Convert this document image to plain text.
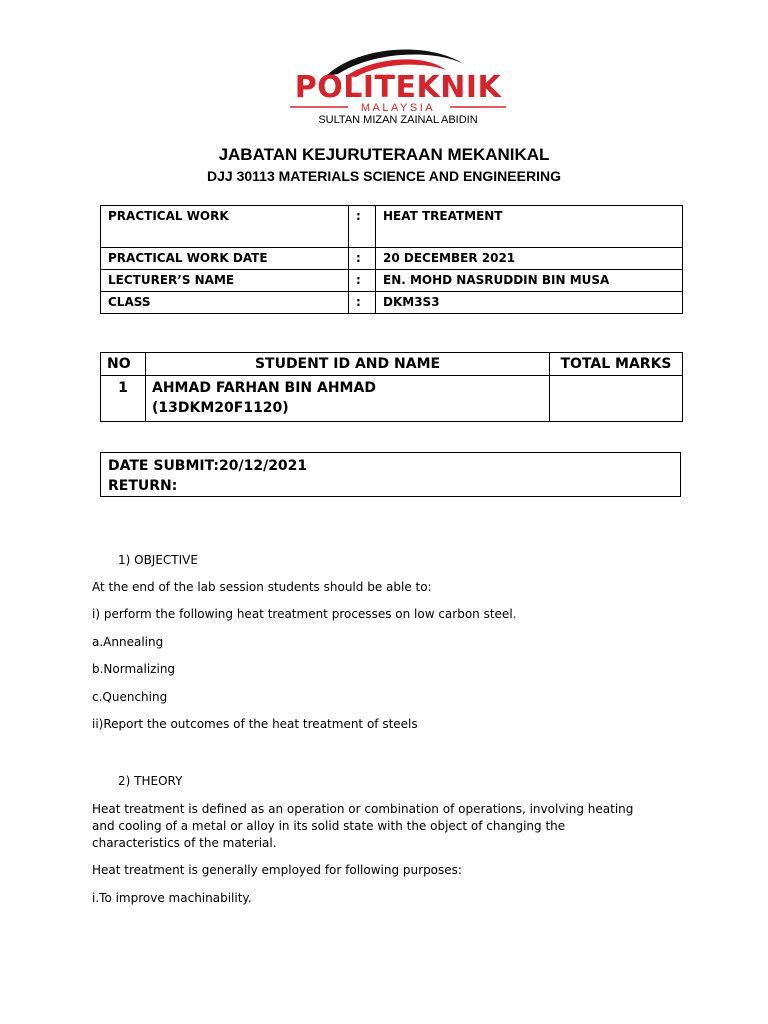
POLITEKNIK
MALAYSIA
SULTAN MIZAN ZAINAL ABIDIN
JABATAN KEJURUTERAAN MEKANIKAL
DJJ 30113 MATERIALS SCIENCE AND ENGINEERING
PRACTICAL WORK	:	HEAT TREATMENT
PRACTICAL WORK DATE	:	20 DECEMBER 2021
LECTURER’S NAME	:	EN. MOHD NASRUDDIN BIN MUSA
CLASS	:	DKM3S3
NO	STUDENT ID AND NAME	TOTAL MARKS
1	AHMAD FARHAN BIN AHMAD
(13DKM20F1120)	

DATE SUBMIT:20/12/2021
RETURN:
1) OBJECTIVE
At the end of the lab session students should be able to:
i) perform the following heat treatment processes on low carbon steel.
a.Annealing
b.Normalizing
c.Quenching
ii)Report the outcomes of the heat treatment of steels
2) THEORY
Heat treatment is defined as an operation or combination of operations, involving heating and cooling of a metal or alloy in its solid state with the object of changing the characteristics of the material.
Heat treatment is generally employed for following purposes:
i.To improve machinability.
